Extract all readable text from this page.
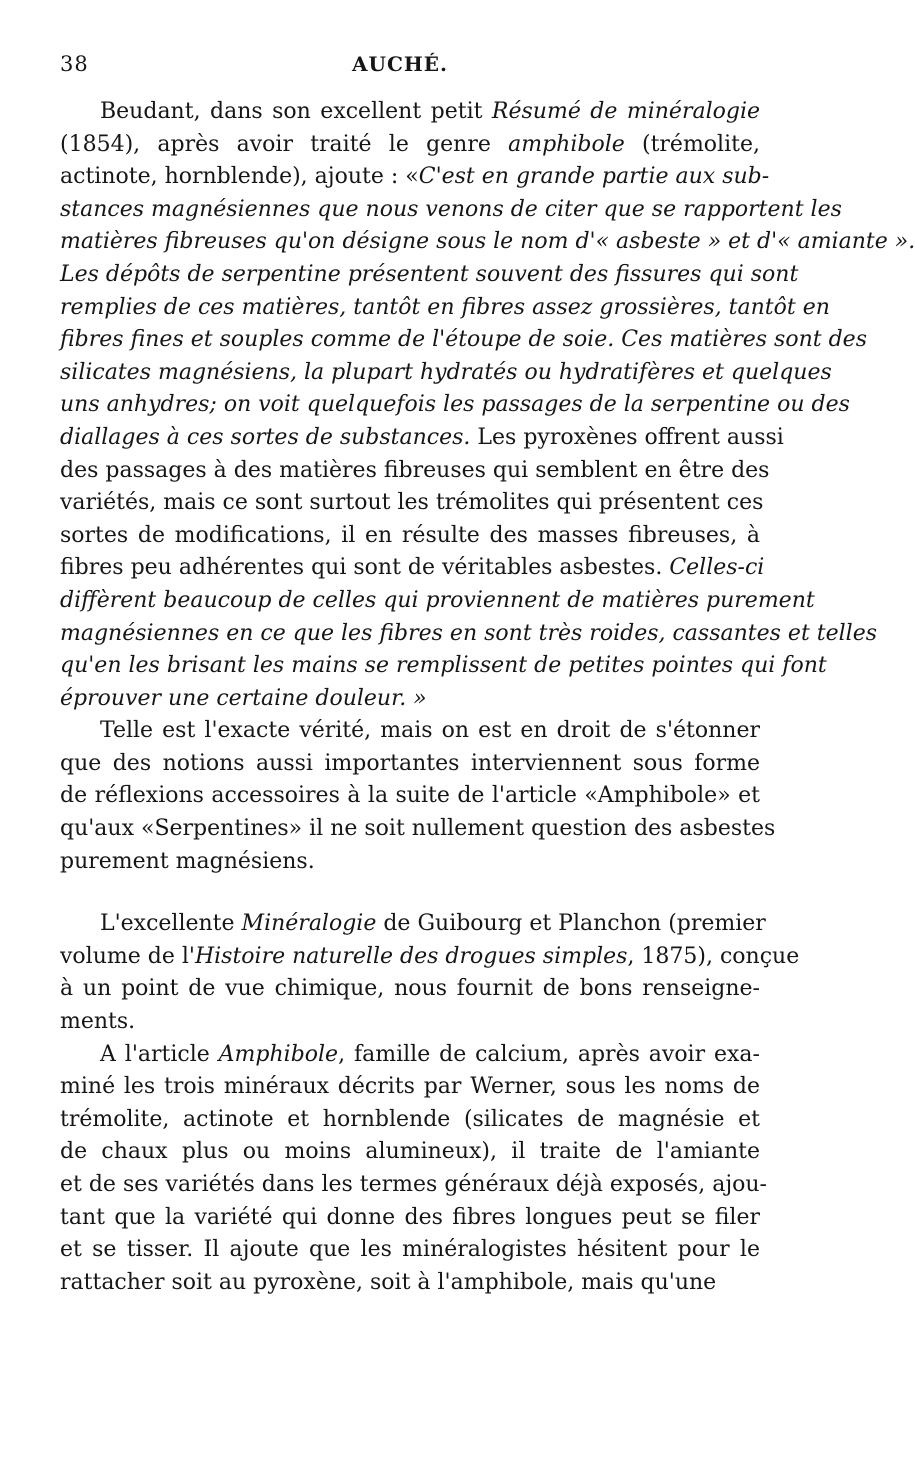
38	AUCHÉ.
Beudant, dans son excellent petit Résumé de minéralogie
(1854), après avoir traité le genre amphibole (trémolite,
actinote, hornblende), ajoute : «C'est en grande partie aux sub-
stances magnésiennes que nous venons de citer que se rapportent les
matières fibreuses qu'on désigne sous le nom d'« asbeste » et d'« amiante ».
Les dépôts de serpentine présentent souvent des fissures qui sont
remplies de ces matières, tantôt en fibres assez grossières, tantôt en
fibres fines et souples comme de l'étoupe de soie. Ces matières sont des
silicates magnésiens, la plupart hydratés ou hydratifères et quelques
uns anhydres; on voit quelquefois les passages de la serpentine ou des
diallages à ces sortes de substances. Les pyroxènes offrent aussi
des passages à des matières fibreuses qui semblent en être des
variétés, mais ce sont surtout les trémolites qui présentent ces
sortes de modifications, il en résulte des masses fibreuses, à
fibres peu adhérentes qui sont de véritables asbestes. Celles-ci
diffèrent beaucoup de celles qui proviennent de matières purement
magnésiennes en ce que les fibres en sont très roides, cassantes et telles
qu'en les brisant les mains se remplissent de petites pointes qui font
éprouver une certaine douleur. »
Telle est l'exacte vérité, mais on est en droit de s'étonner
que des notions aussi importantes interviennent sous forme
de réflexions accessoires à la suite de l'article «Amphibole» et
qu'aux «Serpentines» il ne soit nullement question des asbestes
purement magnésiens.
L'excellente Minéralogie de Guibourg et Planchon (premier
volume de l'Histoire naturelle des drogues simples, 1875), conçue
à un point de vue chimique, nous fournit de bons renseigne-
ments.
A l'article Amphibole, famille de calcium, après avoir exa-
miné les trois minéraux décrits par Werner, sous les noms de
trémolite, actinote et hornblende (silicates de magnésie et
de chaux plus ou moins alumineux), il traite de l'amiante
et de ses variétés dans les termes généraux déjà exposés, ajou-
tant que la variété qui donne des fibres longues peut se filer
et se tisser. Il ajoute que les minéralogistes hésitent pour le
rattacher soit au pyroxène, soit à l'amphibole, mais qu'une
